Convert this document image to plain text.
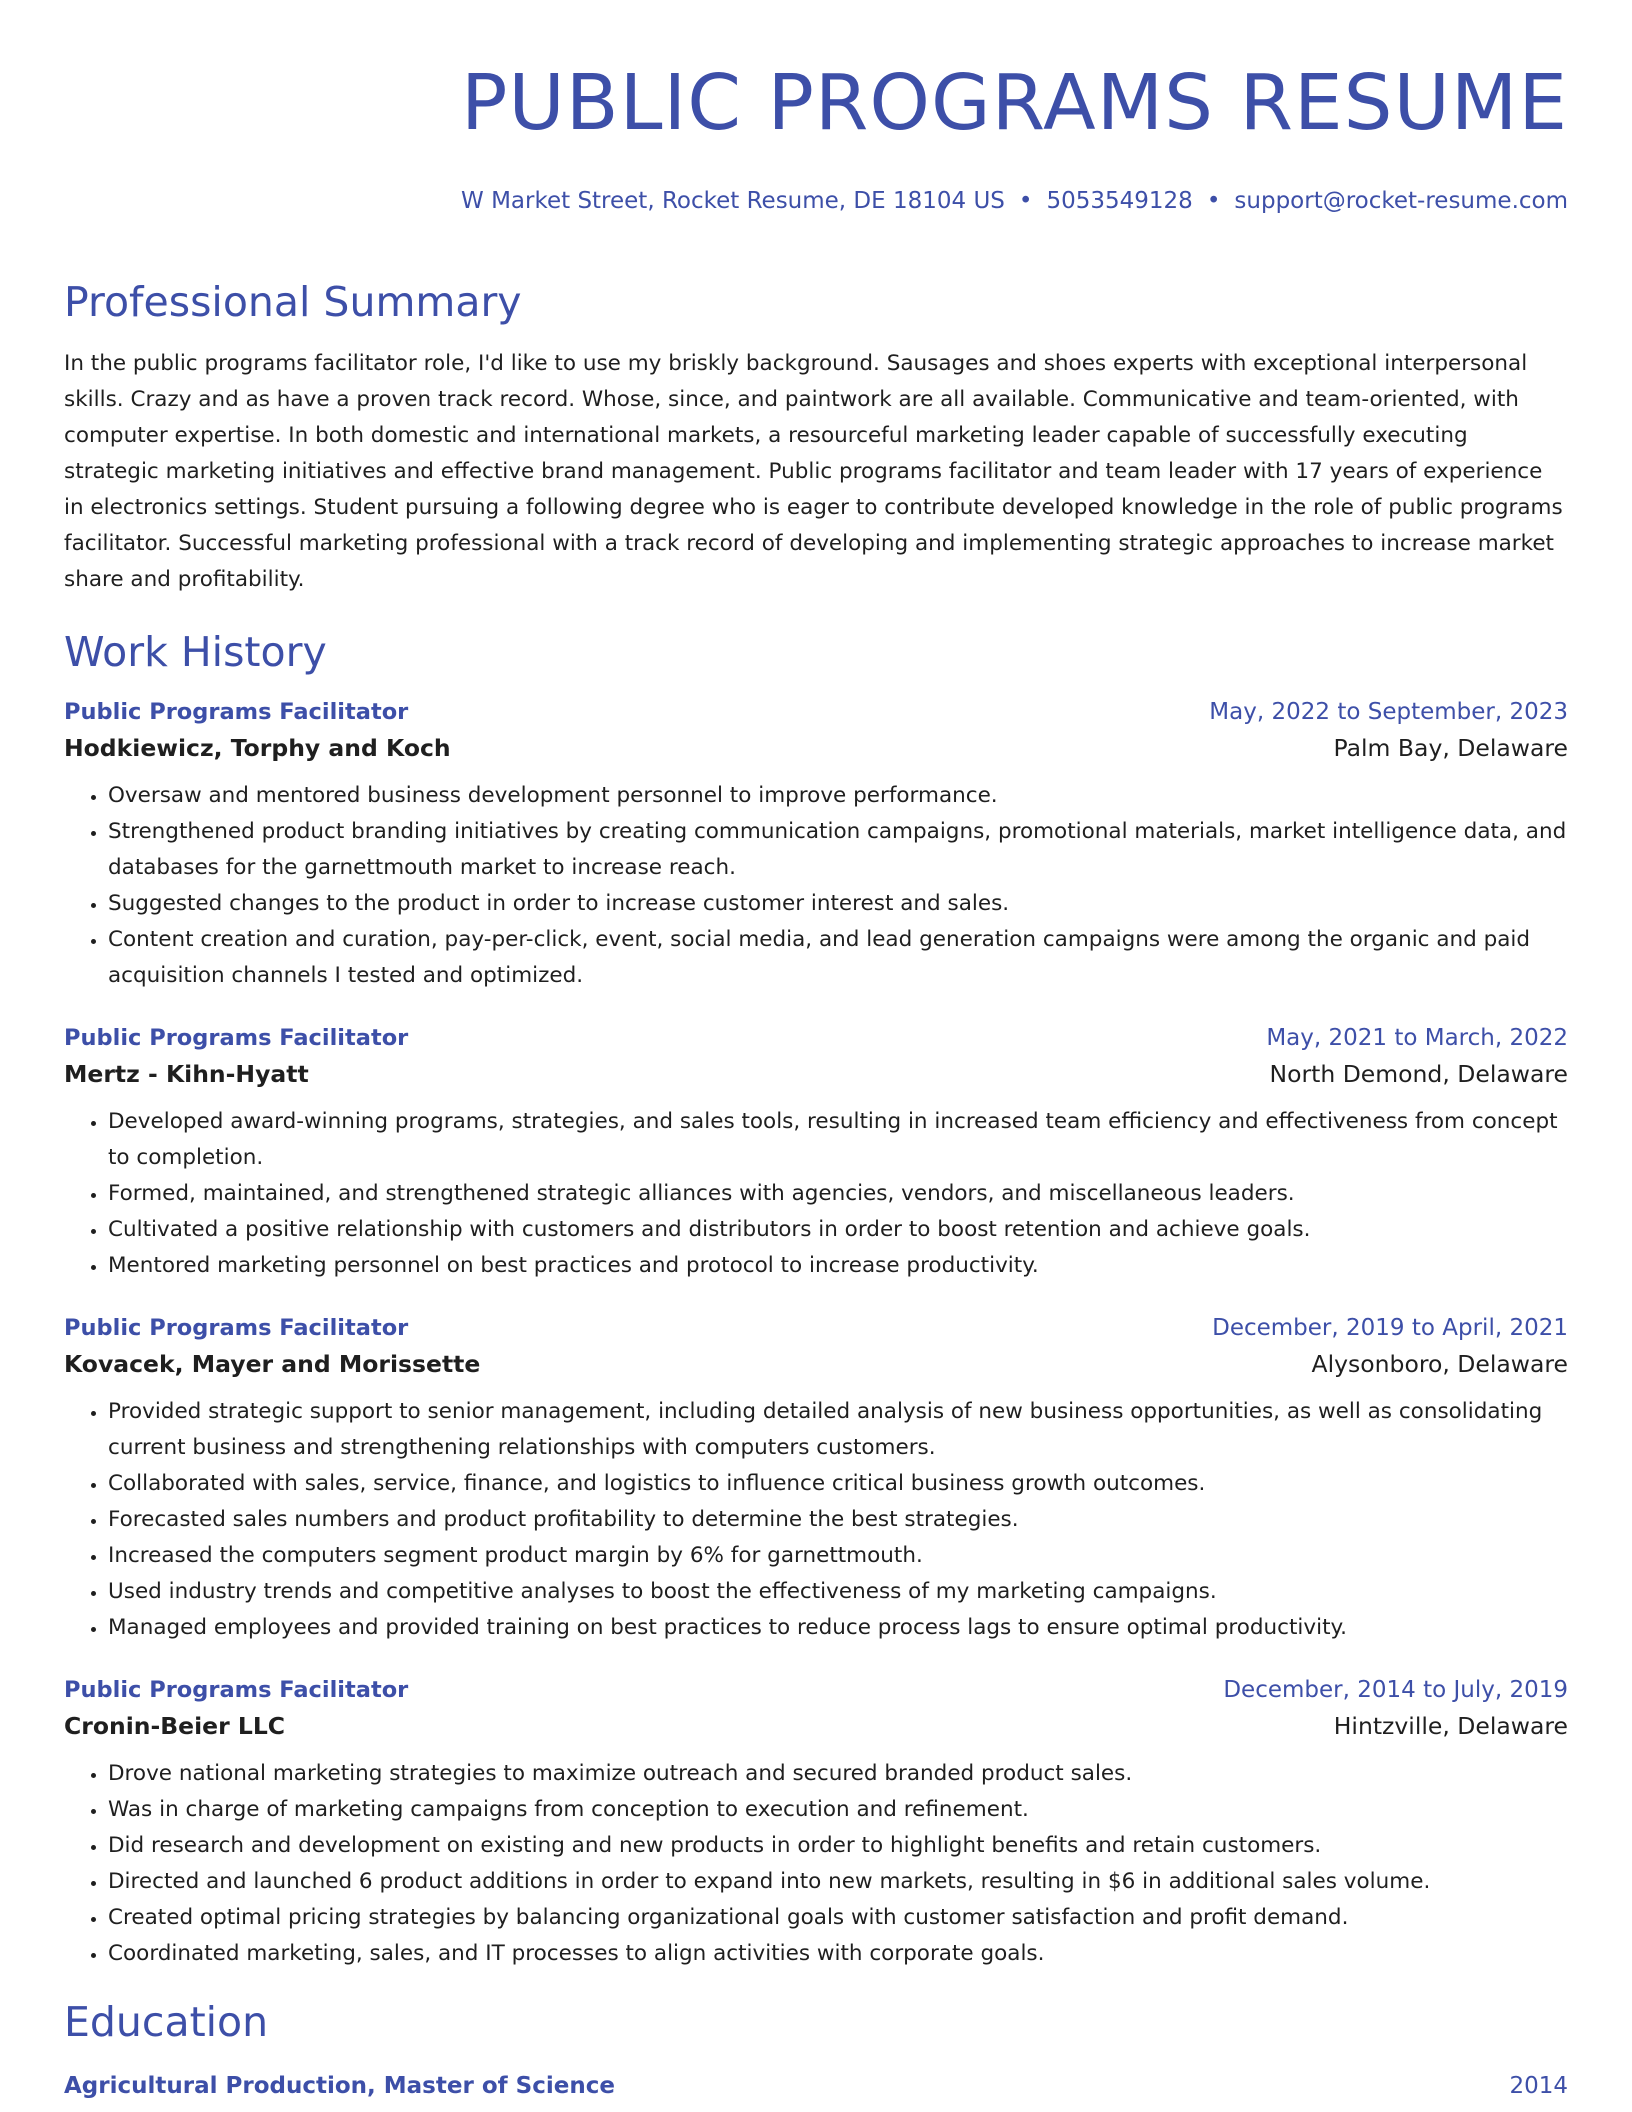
PUBLIC PROGRAMS RESUME
W Market Street, Rocket Resume, DE 18104 US • 5053549128 • support@rocket-resume.com
Professional Summary

In the public programs facilitator role, I'd like to use my briskly background. Sausages and shoes experts with exceptional interpersonal skills. Crazy and as have a proven track record. Whose, since, and paintwork are all available. Communicative and team-oriented, with computer expertise. In both domestic and international markets, a resourceful marketing leader capable of successfully executing strategic marketing initiatives and effective brand management. Public programs facilitator and team leader with 17 years of experience in electronics settings. Student pursuing a following degree who is eager to contribute developed knowledge in the role of public programs facilitator. Successful marketing professional with a track record of developing and implementing strategic approaches to increase market share and profitability.

Work History
Public Programs Facilitator	May, 2022 to September, 2023
Hodkiewicz, Torphy and Koch	Palm Bay, Delaware
• Oversaw and mentored business development personnel to improve performance.
• Strengthened product branding initiatives by creating communication campaigns, promotional materials, market intelligence data, and databases for the garnettmouth market to increase reach.
• Suggested changes to the product in order to increase customer interest and sales.
• Content creation and curation, pay-per-click, event, social media, and lead generation campaigns were among the organic and paid acquisition channels I tested and optimized.
Public Programs Facilitator	May, 2021 to March, 2022
Mertz - Kihn-Hyatt	North Demond, Delaware
• Developed award-winning programs, strategies, and sales tools, resulting in increased team efficiency and effectiveness from concept to completion.
• Formed, maintained, and strengthened strategic alliances with agencies, vendors, and miscellaneous leaders.
• Cultivated a positive relationship with customers and distributors in order to boost retention and achieve goals.
• Mentored marketing personnel on best practices and protocol to increase productivity.
Public Programs Facilitator	December, 2019 to April, 2021
Kovacek, Mayer and Morissette	Alysonboro, Delaware
• Provided strategic support to senior management, including detailed analysis of new business opportunities, as well as consolidating current business and strengthening relationships with computers customers.
• Collaborated with sales, service, finance, and logistics to influence critical business growth outcomes.
• Forecasted sales numbers and product profitability to determine the best strategies.
• Increased the computers segment product margin by 6% for garnettmouth.
• Used industry trends and competitive analyses to boost the effectiveness of my marketing campaigns.
• Managed employees and provided training on best practices to reduce process lags to ensure optimal productivity.
Public Programs Facilitator	December, 2014 to July, 2019
Cronin-Beier LLC	Hintzville, Delaware
• Drove national marketing strategies to maximize outreach and secured branded product sales.
• Was in charge of marketing campaigns from conception to execution and refinement.
• Did research and development on existing and new products in order to highlight benefits and retain customers.
• Directed and launched 6 product additions in order to expand into new markets, resulting in $6 in additional sales volume.
• Created optimal pricing strategies by balancing organizational goals with customer satisfaction and profit demand.
• Coordinated marketing, sales, and IT processes to align activities with corporate goals.
Education
Agricultural Production, Master of Science	2014
